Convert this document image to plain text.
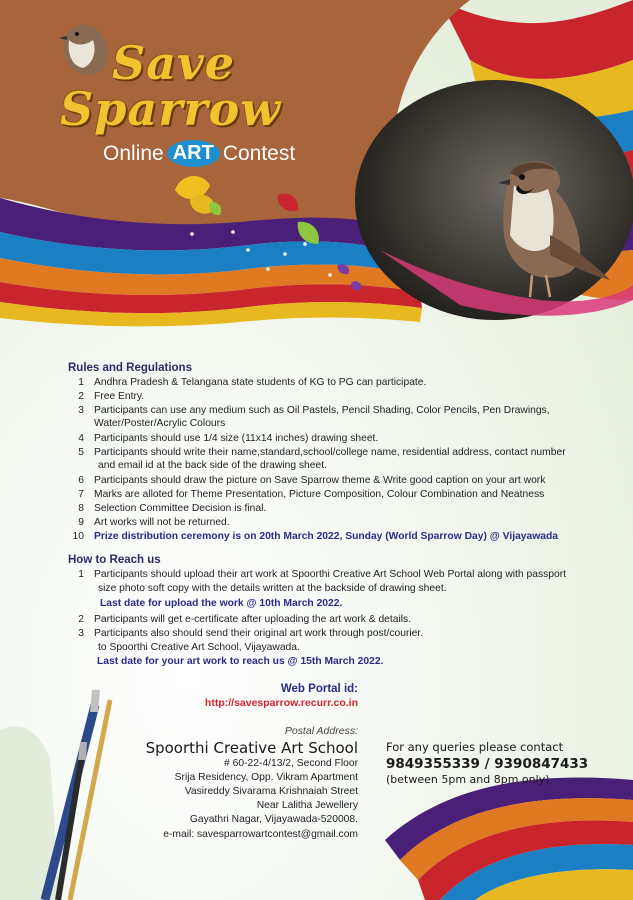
Save
Sparrow
Online ART Contest
Rules and Regulations
1 Andhra Pradesh & Telangana state students of KG to PG can participate.
2 Free Entry.
3 Participants can use any medium such as Oil Pastels, Pencil Shading, Color Pencils, Pen Drawings,
Water/Poster/Acrylic Colours
4 Participants should use 1/4 size (11x14 inches) drawing sheet.
5 Participants should write their name,standard,school/college name, residential address, contact number
and email id at the back side of the drawing sheet.
6 Participants should draw the picture on Save Sparrow theme & Write good caption on your art work
7 Marks are alloted for Theme Presentation, Picture Composition, Colour Combination and Neatness
8 Selection Committee Decision is final.
9 Art works will not be returned.
10 Prize distribution ceremony is on 20th March 2022, Sunday (World Sparrow Day) @ Vijayawada
How to Reach us
1 Participants should upload their art work at Spoorthi Creative Art School Web Portal along with passport
size photo soft copy with the details written at the backside of drawing sheet.
Last date for upload the work @ 10th March 2022.
2 Participants will get e-certificate after uploading the art work & details.
3 Participants also should send their original art work through post/courier.
to Spoorthi Creative Art School, Vijayawada.
Last date for your art work to reach us @ 15th March 2022.
Web Portal id:
http://savesparrow.recurr.co.in
Postal Address:
Spoorthi Creative Art School
# 60-22-4/13/2, Second Floor
Srija Residency, Opp. Vikram Apartment
Vasireddy Sivarama Krishnaiah Street
Near Lalitha Jewellery
Gayathri Nagar, Vijayawada-520008.
e-mail: savesparrowartcontest@gmail.com
For any queries please contact
9849355339 / 9390847433
(between 5pm and 8pm only)
